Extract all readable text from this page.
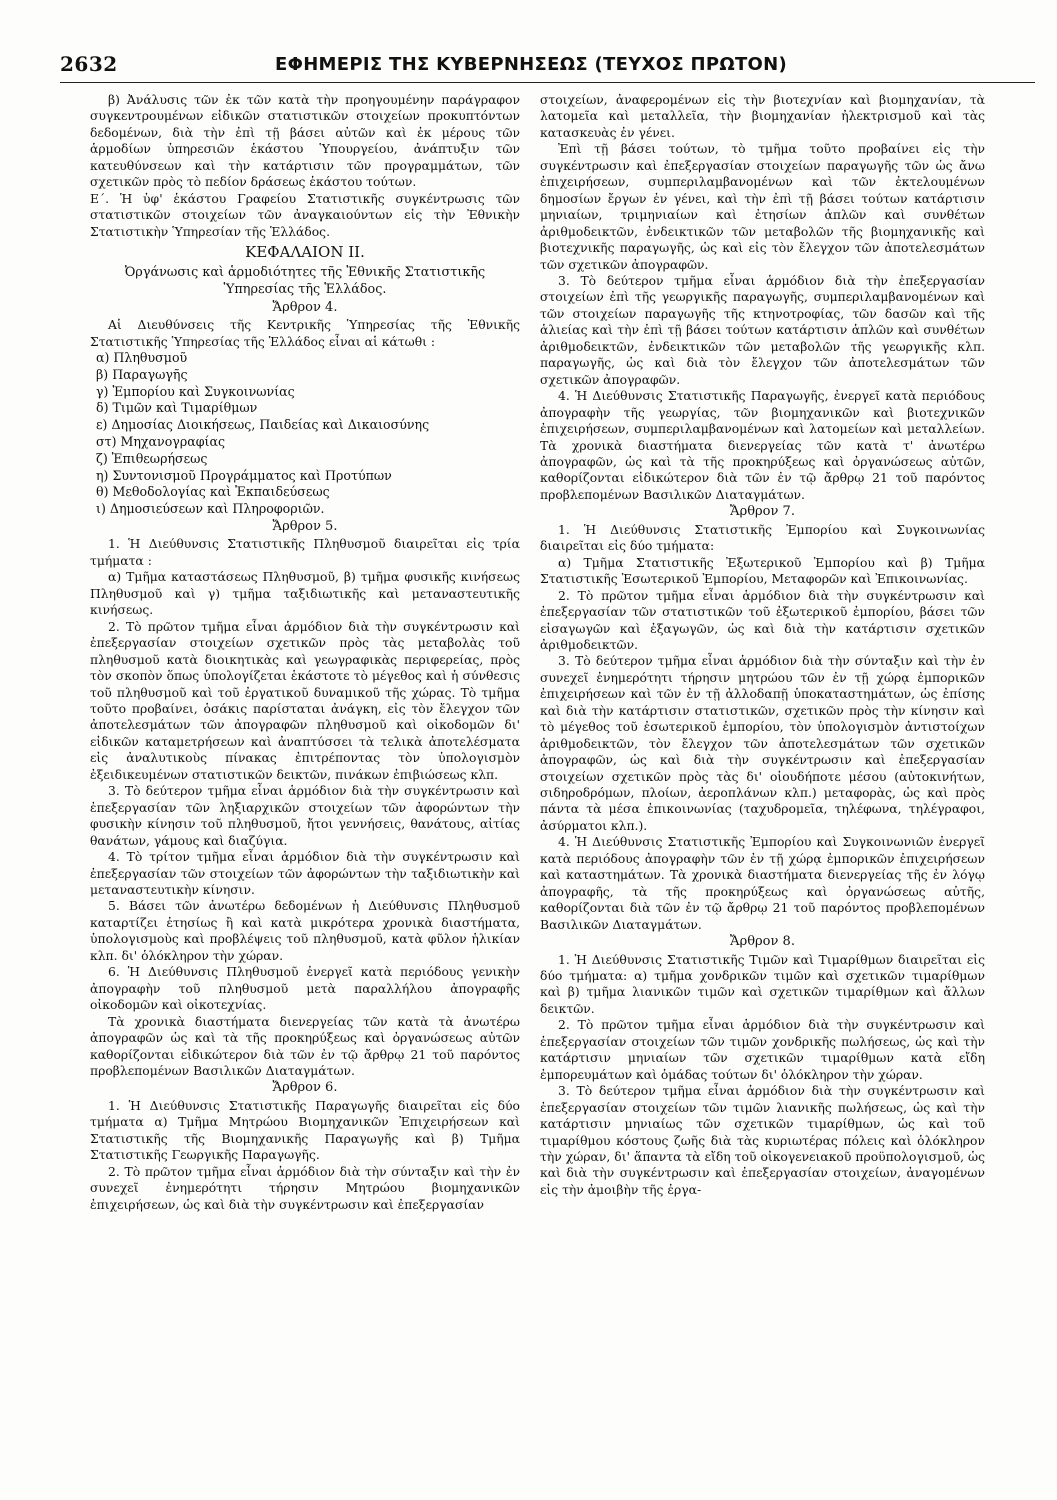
2632	ΕΦΗΜΕΡΙΣ ΤΗΣ ΚΥΒΕΡΝΗΣΕΩΣ (ΤΕΥΧΟΣ ΠΡΩΤΟΝ)

β) Ἀνάλυσις τῶν ἐκ τῶν κατὰ τὴν προηγουμένην παράγραφον συγκεντρουμένων εἰδικῶν στατιστικῶν στοιχείων προκυπτόντων δεδομένων, διὰ τὴν ἐπὶ τῇ βάσει αὐτῶν καὶ ἐκ μέρους τῶν ἁρμοδίων ὑπηρεσιῶν ἑκάστου Ὑπουργείου, ἀνάπτυξιν τῶν κατευθύνσεων καὶ τὴν κατάρτισιν τῶν προγραμμάτων, τῶν σχετικῶν πρὸς τὸ πεδίον δράσεως ἑκάστου τούτων.

Ε΄. Ἡ ὑφ' ἑκάστου Γραφείου Στατιστικῆς συγκέντρωσις τῶν στατιστικῶν στοιχείων τῶν ἀναγκαιούντων εἰς τὴν Ἐθνικὴν Στατιστικὴν Ὑπηρεσίαν τῆς Ἑλλάδος.

ΚΕΦΑΛΑΙΟΝ ΙΙ.
Ὀργάνωσις καὶ ἁρμοδιότητες τῆς Ἐθνικῆς Στατιστικῆς Ὑπηρεσίας τῆς Ἑλλάδος.
Ἄρθρον 4.

Αἱ Διευθύνσεις τῆς Κεντρικῆς Ὑπηρεσίας τῆς Ἐθνικῆς Στατιστικῆς Ὑπηρεσίας τῆς Ἑλλάδος εἶναι αἱ κάτωθι :

α) Πληθυσμοῦ
β) Παραγωγῆς
γ) Ἐμπορίου καὶ Συγκοινωνίας
δ) Τιμῶν καὶ Τιμαρίθμων
ε) Δημοσίας Διοικήσεως, Παιδείας καὶ Δικαιοσύνης
στ) Μηχανογραφίας
ζ) Ἐπιθεωρήσεως
η) Συντονισμοῦ Προγράμματος καὶ Προτύπων
θ) Μεθοδολογίας καὶ Ἐκπαιδεύσεως
ι) Δημοσιεύσεων καὶ Πληροφοριῶν.
Ἄρθρον 5.

1. Ἡ Διεύθυνσις Στατιστικῆς Πληθυσμοῦ διαιρεῖται εἰς τρία τμήματα :

α) Τμῆμα καταστάσεως Πληθυσμοῦ, β) τμῆμα φυσικῆς κινήσεως Πληθυσμοῦ καὶ γ) τμῆμα ταξιδιωτικῆς καὶ μεταναστευτικῆς κινήσεως.

2. Τὸ πρῶτον τμῆμα εἶναι ἁρμόδιον διὰ τὴν συγκέντρωσιν καὶ ἐπεξεργασίαν στοιχείων σχετικῶν πρὸς τὰς μεταβολὰς τοῦ πληθυσμοῦ κατὰ διοικητικὰς καὶ γεωγραφικὰς περιφερείας, πρὸς τὸν σκοπὸν ὅπως ὑπολογίζεται ἑκάστοτε τὸ μέγεθος καὶ ἡ σύνθεσις τοῦ πληθυσμοῦ καὶ τοῦ ἐργατικοῦ δυναμικοῦ τῆς χώρας. Τὸ τμῆμα τοῦτο προβαίνει, ὁσάκις παρίσταται ἀνάγκη, εἰς τὸν ἔλεγχον τῶν ἀποτελεσμάτων τῶν ἀπογραφῶν πληθυσμοῦ καὶ οἰκοδομῶν δι' εἰδικῶν καταμετρήσεων καὶ ἀναπτύσσει τὰ τελικὰ ἀποτελέσματα εἰς ἀναλυτικοὺς πίνακας ἐπιτρέποντας τὸν ὑπολογισμὸν ἐξειδικευμένων στατιστικῶν δεικτῶν, πινάκων ἐπιβιώσεως κλπ.

3. Τὸ δεύτερον τμῆμα εἶναι ἁρμόδιον διὰ τὴν συγκέντρωσιν καὶ ἐπεξεργασίαν τῶν ληξιαρχικῶν στοιχείων τῶν ἀφορώντων τὴν φυσικὴν κίνησιν τοῦ πληθυσμοῦ, ἤτοι γεννήσεις, θανάτους, αἰτίας θανάτων, γάμους καὶ διαζύγια.

4. Τὸ τρίτον τμῆμα εἶναι ἁρμόδιον διὰ τὴν συγκέντρωσιν καὶ ἐπεξεργασίαν τῶν στοιχείων τῶν ἀφορώντων τὴν ταξιδιωτικὴν καὶ μεταναστευτικὴν κίνησιν.

5. Βάσει τῶν ἀνωτέρω δεδομένων ἡ Διεύθυνσις Πληθυσμοῦ καταρτίζει ἐτησίως ἢ καὶ κατὰ μικρότερα χρονικὰ διαστήματα, ὑπολογισμοὺς καὶ προβλέψεις τοῦ πληθυσμοῦ, κατὰ φῦλον ἡλικίαν κλπ. δι' ὁλόκληρον τὴν χώραν.

6. Ἡ Διεύθυνσις Πληθυσμοῦ ἐνεργεῖ κατὰ περιόδους γενικὴν ἀπογραφὴν τοῦ πληθυσμοῦ μετὰ παραλλήλου ἀπογραφῆς οἰκοδομῶν καὶ οἰκοτεχνίας.

Τὰ χρονικὰ διαστήματα διενεργείας τῶν κατὰ τὰ ἀνωτέρω ἀπογραφῶν ὡς καὶ τὰ τῆς προκηρύξεως καὶ ὀργανώσεως αὐτῶν καθορίζονται εἰδικώτερον διὰ τῶν ἐν τῷ ἄρθρῳ 21 τοῦ παρόντος προβλεπομένων Βασιλικῶν Διαταγμάτων.

Ἄρθρον 6.

1. Ἡ Διεύθυνσις Στατιστικῆς Παραγωγῆς διαιρεῖται εἰς δύο τμήματα α) Τμῆμα Μητρώου Βιομηχανικῶν Ἐπιχειρήσεων καὶ Στατιστικῆς τῆς Βιομηχανικῆς Παραγωγῆς καὶ β) Τμῆμα Στατιστικῆς Γεωργικῆς Παραγωγῆς.

2. Τὸ πρῶτον τμῆμα εἶναι ἁρμόδιον διὰ τὴν σύνταξιν καὶ τὴν ἐν συνεχεῖ ἐνημερότητι τήρησιν Μητρώου βιομηχανικῶν ἐπιχειρήσεων, ὡς καὶ διὰ τὴν συγκέντρωσιν καὶ ἐπεξεργασίαν

στοιχείων, ἀναφερομένων εἰς τὴν βιοτεχνίαν καὶ βιομηχανίαν, τὰ λατομεῖα καὶ μεταλλεῖα, τὴν βιομηχανίαν ἠλεκτρισμοῦ καὶ τὰς κατασκευὰς ἐν γένει.

Ἐπὶ τῇ βάσει τούτων, τὸ τμῆμα τοῦτο προβαίνει εἰς τὴν συγκέντρωσιν καὶ ἐπεξεργασίαν στοιχείων παραγωγῆς τῶν ὡς ἄνω ἐπιχειρήσεων, συμπεριλαμβανομένων καὶ τῶν ἐκτελουμένων δημοσίων ἔργων ἐν γένει, καὶ τὴν ἐπὶ τῇ βάσει τούτων κατάρτισιν μηνιαίων, τριμηνιαίων καὶ ἐτησίων ἁπλῶν καὶ συνθέτων ἀριθμοδεικτῶν, ἐνδεικτικῶν τῶν μεταβολῶν τῆς βιομηχανικῆς καὶ βιοτεχνικῆς παραγωγῆς, ὡς καὶ εἰς τὸν ἔλεγχον τῶν ἀποτελεσμάτων τῶν σχετικῶν ἀπογραφῶν.

3. Τὸ δεύτερον τμῆμα εἶναι ἁρμόδιον διὰ τὴν ἐπεξεργασίαν στοιχείων ἐπὶ τῆς γεωργικῆς παραγωγῆς, συμπεριλαμβανομένων καὶ τῶν στοιχείων παραγωγῆς τῆς κτηνοτροφίας, τῶν δασῶν καὶ τῆς ἁλιείας καὶ τὴν ἐπὶ τῇ βάσει τούτων κατάρτισιν ἁπλῶν καὶ συνθέτων ἀριθμοδεικτῶν, ἐνδεικτικῶν τῶν μεταβολῶν τῆς γεωργικῆς κλπ. παραγωγῆς, ὡς καὶ διὰ τὸν ἔλεγχον τῶν ἀποτελεσμάτων τῶν σχετικῶν ἀπογραφῶν.

4. Ἡ Διεύθυνσις Στατιστικῆς Παραγωγῆς, ἐνεργεῖ κατὰ περιόδους ἀπογραφὴν τῆς γεωργίας, τῶν βιομηχανικῶν καὶ βιοτεχνικῶν ἐπιχειρήσεων, συμπεριλαμβανομένων καὶ λατομείων καὶ μεταλλείων. Τὰ χρονικὰ διαστήματα διενεργείας τῶν κατὰ τ' ἀνωτέρω ἀπογραφῶν, ὡς καὶ τὰ τῆς προκηρύξεως καὶ ὀργανώσεως αὐτῶν, καθορίζονται εἰδικώτερον διὰ τῶν ἐν τῷ ἄρθρῳ 21 τοῦ παρόντος προβλεπομένων Βασιλικῶν Διαταγμάτων.

Ἄρθρον 7.

1. Ἡ Διεύθυνσις Στατιστικῆς Ἐμπορίου καὶ Συγκοινωνίας διαιρεῖται εἰς δύο τμήματα:

α) Τμῆμα Στατιστικῆς Ἐξωτερικοῦ Ἐμπορίου καὶ β) Τμῆμα Στατιστικῆς Ἐσωτερικοῦ Ἐμπορίου, Μεταφορῶν καὶ Ἐπικοινωνίας.

2. Τὸ πρῶτον τμῆμα εἶναι ἁρμόδιον διὰ τὴν συγκέντρωσιν καὶ ἐπεξεργασίαν τῶν στατιστικῶν τοῦ ἐξωτερικοῦ ἐμπορίου, βάσει τῶν εἰσαγωγῶν καὶ ἐξαγωγῶν, ὡς καὶ διὰ τὴν κατάρτισιν σχετικῶν ἀριθμοδεικτῶν.

3. Τὸ δεύτερον τμῆμα εἶναι ἁρμόδιον διὰ τὴν σύνταξιν καὶ τὴν ἐν συνεχεῖ ἐνημερότητι τήρησιν μητρώου τῶν ἐν τῇ χώρᾳ ἐμπορικῶν ἐπιχειρήσεων καὶ τῶν ἐν τῇ ἀλλοδαπῇ ὑποκαταστημάτων, ὡς ἐπίσης καὶ διὰ τὴν κατάρτισιν στατιστικῶν, σχετικῶν πρὸς τὴν κίνησιν καὶ τὸ μέγεθος τοῦ ἐσωτερικοῦ ἐμπορίου, τὸν ὑπολογισμὸν ἀντιστοίχων ἀριθμοδεικτῶν, τὸν ἔλεγχον τῶν ἀποτελεσμάτων τῶν σχετικῶν ἀπογραφῶν, ὡς καὶ διὰ τὴν συγκέντρωσιν καὶ ἐπεξεργασίαν στοιχείων σχετικῶν πρὸς τὰς δι' οἱουδήποτε μέσου (αὐτοκινήτων, σιδηροδρόμων, πλοίων, ἀεροπλάνων κλπ.) μεταφορὰς, ὡς καὶ πρὸς πάντα τὰ μέσα ἐπικοινωνίας (ταχυδρομεῖα, τηλέφωνα, τηλέγραφοι, ἀσύρματοι κλπ.).

4. Ἡ Διεύθυνσις Στατιστικῆς Ἐμπορίου καὶ Συγκοινωνιῶν ἐνεργεῖ κατὰ περιόδους ἀπογραφὴν τῶν ἐν τῇ χώρᾳ ἐμπορικῶν ἐπιχειρήσεων καὶ καταστημάτων. Τὰ χρονικὰ διαστήματα διενεργείας τῆς ἐν λόγῳ ἀπογραφῆς, τὰ τῆς προκηρύξεως καὶ ὀργανώσεως αὐτῆς, καθορίζονται διὰ τῶν ἐν τῷ ἄρθρῳ 21 τοῦ παρόντος προβλεπομένων Βασιλικῶν Διαταγμάτων.

Ἄρθρον 8.

1. Ἡ Διεύθυνσις Στατιστικῆς Τιμῶν καὶ Τιμαρίθμων διαιρεῖται εἰς δύο τμήματα: α) τμῆμα χονδρικῶν τιμῶν καὶ σχετικῶν τιμαρίθμων καὶ β) τμῆμα λιανικῶν τιμῶν καὶ σχετικῶν τιμαρίθμων καὶ ἄλλων δεικτῶν.

2. Τὸ πρῶτον τμῆμα εἶναι ἁρμόδιον διὰ τὴν συγκέντρωσιν καὶ ἐπεξεργασίαν στοιχείων τῶν τιμῶν χονδρικῆς πωλήσεως, ὡς καὶ τὴν κατάρτισιν μηνιαίων τῶν σχετικῶν τιμαρίθμων κατὰ εἴδη ἐμπορευμάτων καὶ ὁμάδας τούτων δι' ὁλόκληρον τὴν χώραν.

3. Τὸ δεύτερον τμῆμα εἶναι ἁρμόδιον διὰ τὴν συγκέντρωσιν καὶ ἐπεξεργασίαν στοιχείων τῶν τιμῶν λιανικῆς πωλήσεως, ὡς καὶ τὴν κατάρτισιν μηνιαίως τῶν σχετικῶν τιμαρίθμων, ὡς καὶ τοῦ τιμαρίθμου κόστους ζωῆς διὰ τὰς κυριωτέρας πόλεις καὶ ὁλόκληρον τὴν χώραν, δι' ἅπαντα τὰ εἴδη τοῦ οἰκογενειακοῦ προϋπολογισμοῦ, ὡς καὶ διὰ τὴν συγκέντρωσιν καὶ ἐπεξεργασίαν στοιχείων, ἀναγομένων εἰς τὴν ἀμοιβὴν τῆς ἐργα-
